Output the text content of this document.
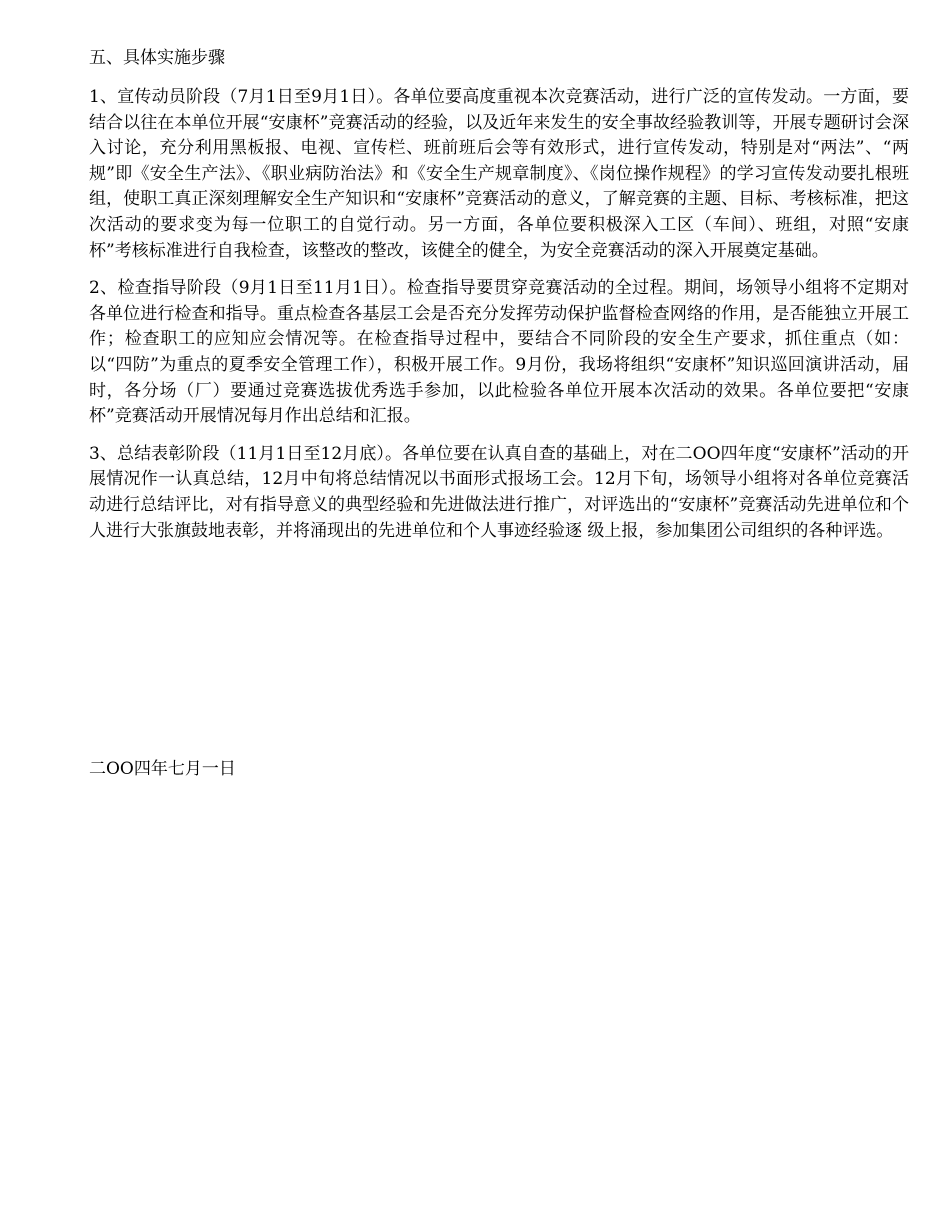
五、具体实施步骤

1、宣传动员阶段（7月1日至9月1日）。各单位要高度重视本次竞赛活动，进行广泛的宣传发动。一方面，要结合以往在本单位开展“安康杯”竞赛活动的经验，以及近年来发生的安全事故经验教训等，开展专题研讨会深入讨论，充分利用黑板报、电视、宣传栏、班前班后会等有效形式，进行宣传发动，特别是对“两法”、“两规”即《安全生产法》、《职业病防治法》和《安全生产规章制度》、《岗位操作规程》的学习宣传发动要扎根班组，使职工真正深刻理解安全生产知识和“安康杯”竞赛活动的意义，了解竞赛的主题、目标、考核标准，把这次活动的要求变为每一位职工的自觉行动。另一方面，各单位要积极深入工区（车间）、班组，对照“安康杯”考核标准进行自我检查，该整改的整改，该健全的健全，为安全竞赛活动的深入开展奠定基础。

2、检查指导阶段（9月1日至11月1日）。检查指导要贯穿竞赛活动的全过程。期间，场领导小组将不定期对各单位进行检查和指导。重点检查各基层工会是否充分发挥劳动保护监督检查网络的作用，是否能独立开展工作；检查职工的应知应会情况等。在检查指导过程中，要结合不同阶段的安全生产要求，抓住重点（如：以“四防”为重点的夏季安全管理工作），积极开展工作。9月份，我场将组织“安康杯”知识巡回演讲活动，届时，各分场（厂）要通过竞赛选拔优秀选手参加，以此检验各单位开展本次活动的效果。各单位要把“安康杯”竞赛活动开展情况每月作出总结和汇报。

3、总结表彰阶段（11月1日至12月底）。各单位要在认真自查的基础上，对在二OO四年度“安康杯”活动的开展情况作一认真总结，12月中旬将总结情况以书面形式报场工会。12月下旬，场领导小组将对各单位竞赛活动进行总结评比，对有指导意义的典型经验和先进做法进行推广，对评选出的“安康杯”竞赛活动先进单位和个人进行大张旗鼓地表彰，并将涌现出的先进单位和个人事迹经验逐 级上报，参加集团公司组织的各种评选。

二OO四年七月一日
